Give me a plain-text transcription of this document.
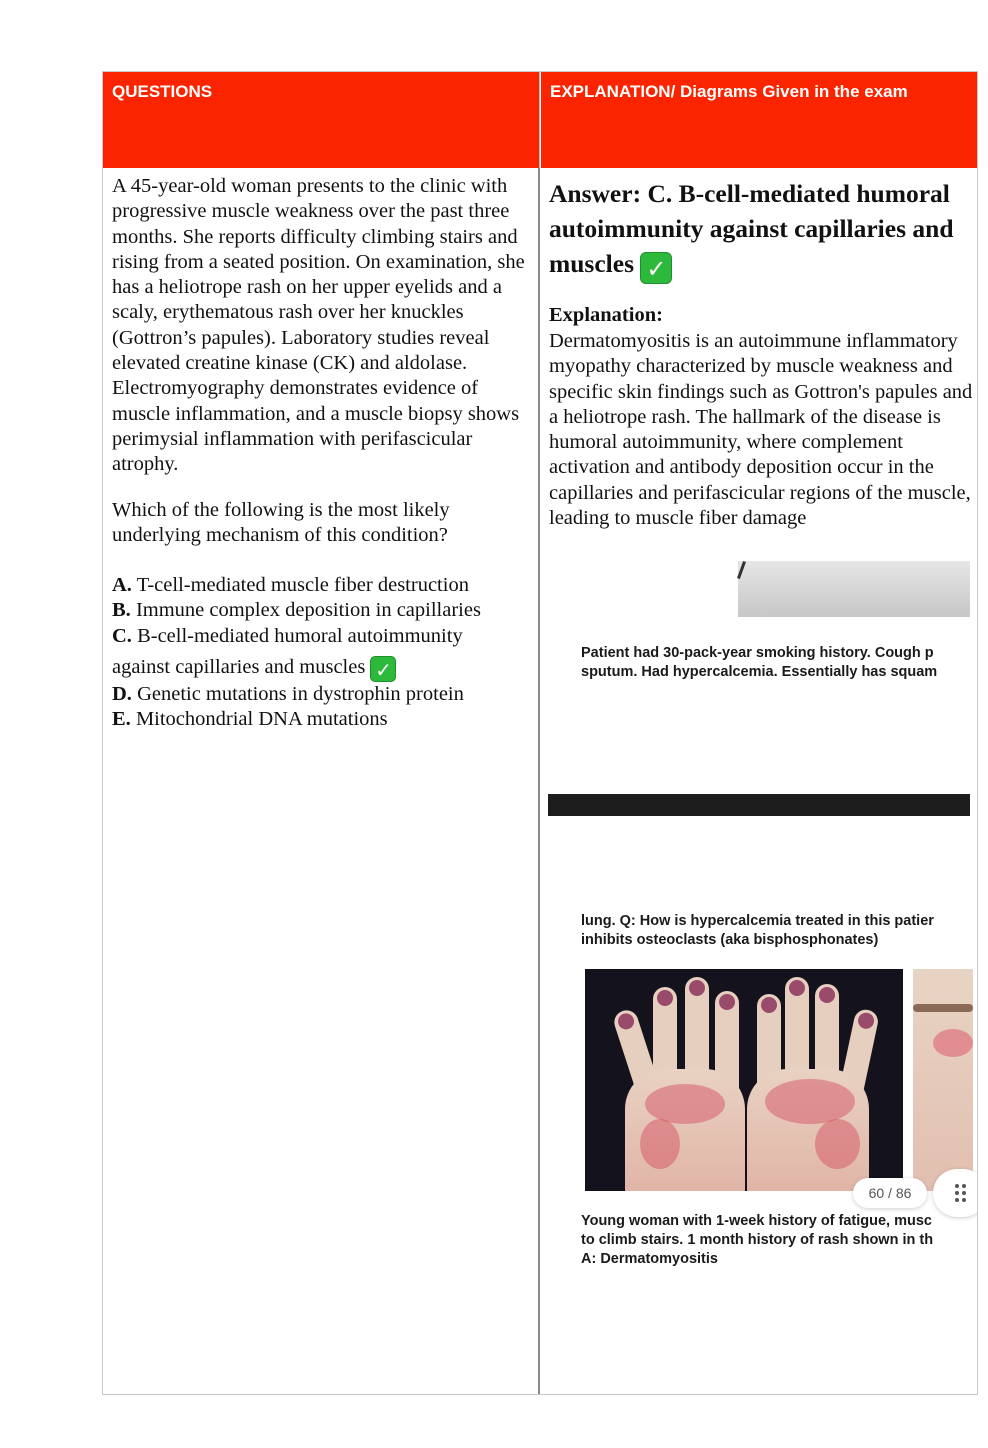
QUESTIONS	EXPLANATION/ Diagrams Given in the exam

A 45-year-old woman presents to the clinic with progressive muscle weakness over the past three months. She reports difficulty climbing stairs and rising from a seated position. On examination, she has a heliotrope rash on her upper eyelids and a scaly, erythematous rash over her knuckles (Gottron’s papules). Laboratory studies reveal elevated creatine kinase (CK) and aldolase. Electromyography demonstrates evidence of muscle inflammation, and a muscle biopsy shows perimysial inflammation with perifascicular atrophy.

Which of the following is the most likely underlying mechanism of this condition?

A. T-cell-mediated muscle fiber destruction
B. Immune complex deposition in capillaries
C. B-cell-mediated humoral autoimmunity
against capillaries and muscles ✓
D. Genetic mutations in dystrophin protein
E. Mitochondrial DNA mutations
Answer: C. B-cell-mediated humoral autoimmunity against capillaries and muscles ✓
Explanation:

Dermatomyositis is an autoimmune inflammatory myopathy characterized by muscle weakness and specific skin findings such as Gottron's papules and a heliotrope rash. The hallmark of the disease is humoral autoimmunity, where complement activation and antibody deposition occur in the capillaries and perifascicular regions of the muscle, leading to muscle fiber damage

Patient had 30-pack-year smoking history. Cough p
sputum. Had hypercalcemia. Essentially has squam
lung. Q: How is hypercalcemia treated in this patier
inhibits osteoclasts (aka bisphosphonates)
60 / 86
Young woman with 1-week history of fatigue, musc
to climb stairs. 1 month history of rash shown in th
A: Dermatomyositis
